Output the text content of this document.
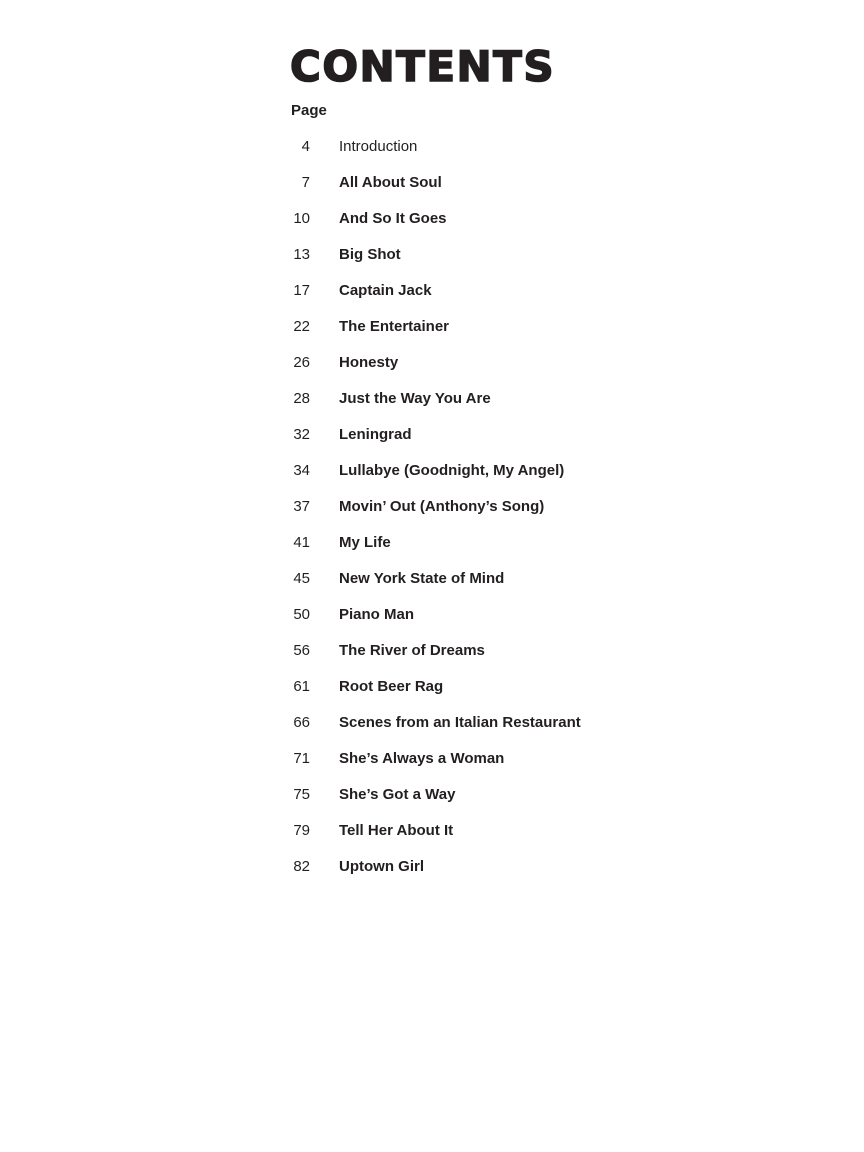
CONTENTS
Page
4 Introduction
7 All About Soul
10 And So It Goes
13 Big Shot
17 Captain Jack
22 The Entertainer
26 Honesty
28 Just the Way You Are
32 Leningrad
34 Lullabye (Goodnight, My Angel)
37 Movin’ Out (Anthony’s Song)
41 My Life
45 New York State of Mind
50 Piano Man
56 The River of Dreams
61 Root Beer Rag
66 Scenes from an Italian Restaurant
71 She’s Always a Woman
75 She’s Got a Way
79 Tell Her About It
82 Uptown Girl
